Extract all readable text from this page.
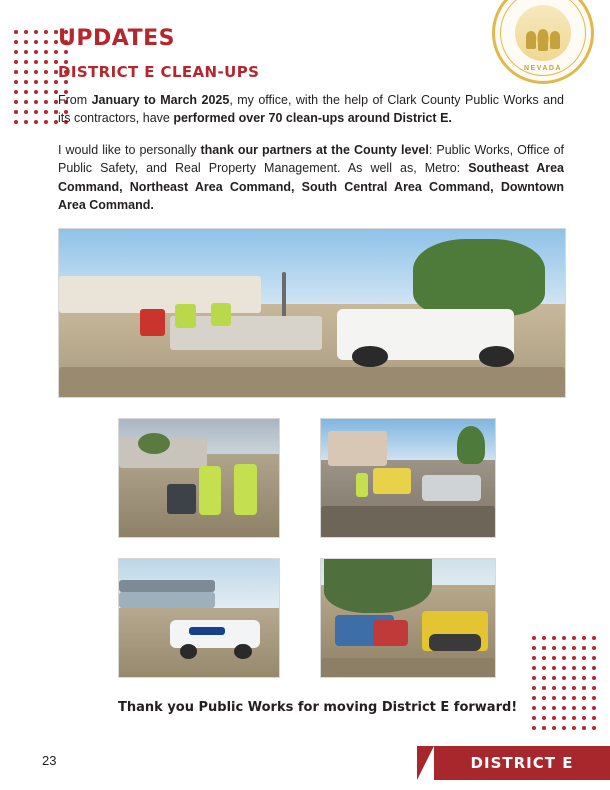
NEVADA
UPDATES
DISTRICT E CLEAN-UPS

From January to March 2025, my office, with the help of Clark County Public Works and its contractors, have performed over 70 clean-ups around District E.

I would like to personally thank our partners at the County level: Public Works, Office of Public Safety, and Real Property Management. As well as, Metro: Southeast Area Command, Northeast Area Command, South Central Area Command, Downtown Area Command.

Thank you Public Works for moving District E forward!
23	DISTRICT E
